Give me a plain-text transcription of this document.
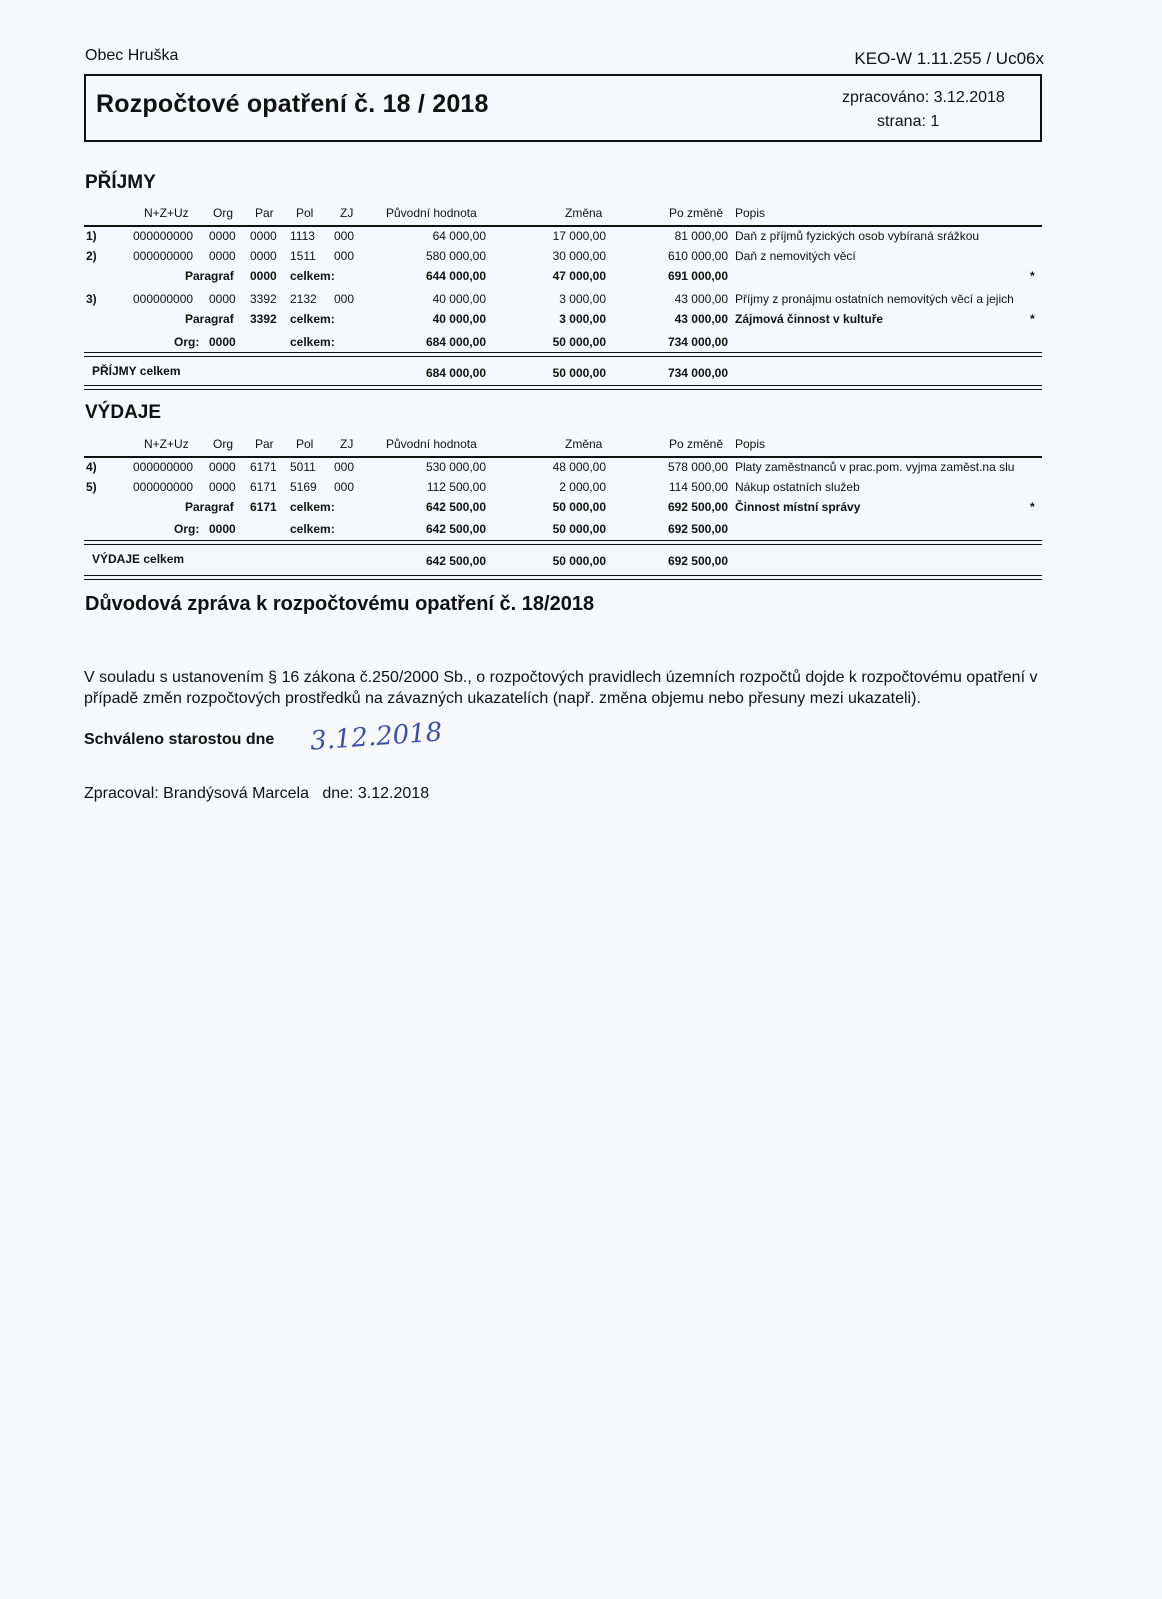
Obec Hruška	KEO-W 1.11.255 / Uc06x
Rozpočtové opatření č. 18 / 2018	zpracováno: 3.12.2018
strana: 1
PŘÍJMY
N+Z+Uz Org Par Pol ZJ	Původní hodnota	Změna	Po změně Popis
1)	000000000 0000 0000 1113 000	64 000,00	17 000,00	81 000,00 Daň z příjmů fyzických osob vybíraná srážkou
2)	000000000 0000 0000 1511 000	580 000,00	30 000,00	610 000,00 Daň z nemovitých věcí
Paragraf 0000 celkem:	644 000,00	47 000,00	691 000,00	*
3)	000000000 0000 3392 2132 000	40 000,00	3 000,00	43 000,00 Příjmy z pronájmu ostatních nemovitých věcí a jejich
Paragraf 3392 celkem:	40 000,00	3 000,00	43 000,00 Zájmová činnost v kultuře	*
Org: 0000	celkem:	684 000,00	50 000,00	734 000,00
PŘÍJMY celkem	684 000,00	50 000,00	734 000,00
VÝDAJE
N+Z+Uz Org Par Pol ZJ	Původní hodnota	Změna	Po změně Popis
4)	000000000 0000 6171 5011 000	530 000,00	48 000,00	578 000,00 Platy zaměstnanců v prac.pom. vyjma zaměst.na slu
5)	000000000 0000 6171 5169 000	112 500,00	2 000,00	114 500,00 Nákup ostatních služeb
Paragraf 6171 celkem:	642 500,00	50 000,00	692 500,00 Činnost místní správy	*
Org: 0000	celkem:	642 500,00	50 000,00	692 500,00
VÝDAJE celkem	642 500,00	50 000,00	692 500,00
Důvodová zpráva k rozpočtovému opatření č. 18/2018
V souladu s ustanovením § 16 zákona č.250/2000 Sb., o rozpočtových pravidlech územních rozpočtů dojde k rozpočtovému opatření v případě změn rozpočtových prostředků na závazných ukazatelích (např. změna objemu nebo přesuny mezi ukazateli).
Schváleno starostou dne 3.12.2018
Zpracoval: Brandýsová Marcela   dne: 3.12.2018
